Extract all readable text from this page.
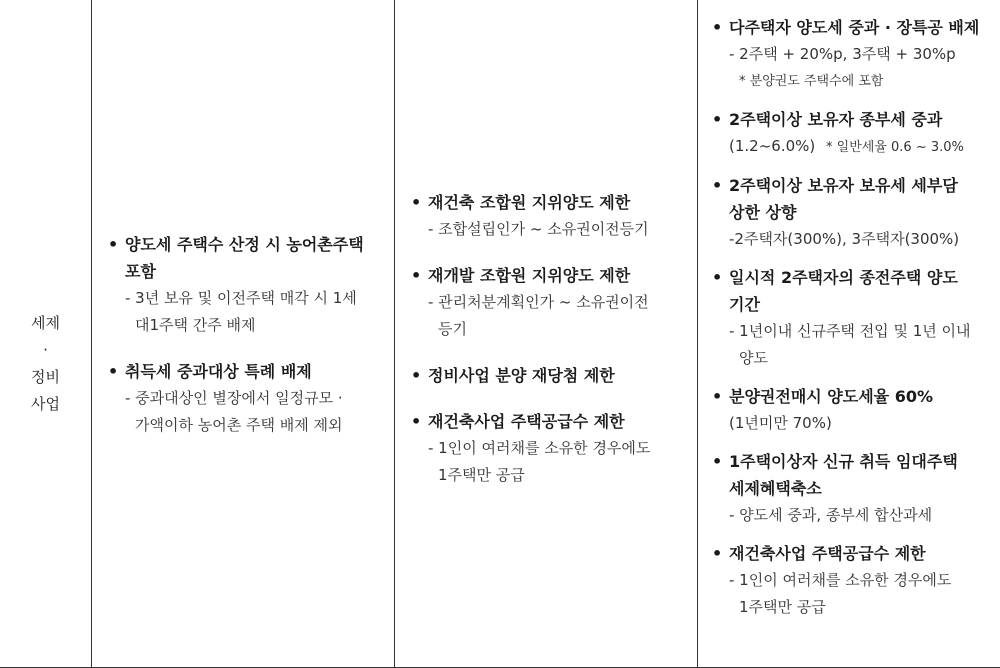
세제
·
정비
사업
• 양도세 주택수 산정 시 농어촌주택
포함
- 3년 보유 및 이전주택 매각 시 1세
대1주택 간주 배제
• 취득세 중과대상 특례 배제
- 중과대상인 별장에서 일정규모 ·
가액이하 농어촌 주택 배제 제외
• 재건축 조합원 지위양도 제한
- 조합설립인가 ~ 소유권이전등기
• 재개발 조합원 지위양도 제한
- 관리처분계획인가 ~ 소유권이전
등기
• 정비사업 분양 재당첨 제한
• 재건축사업 주택공급수 제한
- 1인이 여러채를 소유한 경우에도
1주택만 공급
• 다주택자 양도세 중과 · 장특공 배제
- 2주택 + 20%p, 3주택 + 30%p
* 분양권도 주택수에 포함
• 2주택이상 보유자 종부세 중과
(1.2~6.0%) * 일반세율 0.6 ~ 3.0%
• 2주택이상 보유자 보유세 세부담
상한 상향
-2주택자(300%), 3주택자(300%)
• 일시적 2주택자의 종전주택 양도
기간
- 1년이내 신규주택 전입 및 1년 이내
양도
• 분양권전매시 양도세율 60%
(1년미만 70%)
• 1주택이상자 신규 취득 임대주택
세제혜택축소
- 양도세 중과, 종부세 합산과세
• 재건축사업 주택공급수 제한
- 1인이 여러채를 소유한 경우에도
1주택만 공급
